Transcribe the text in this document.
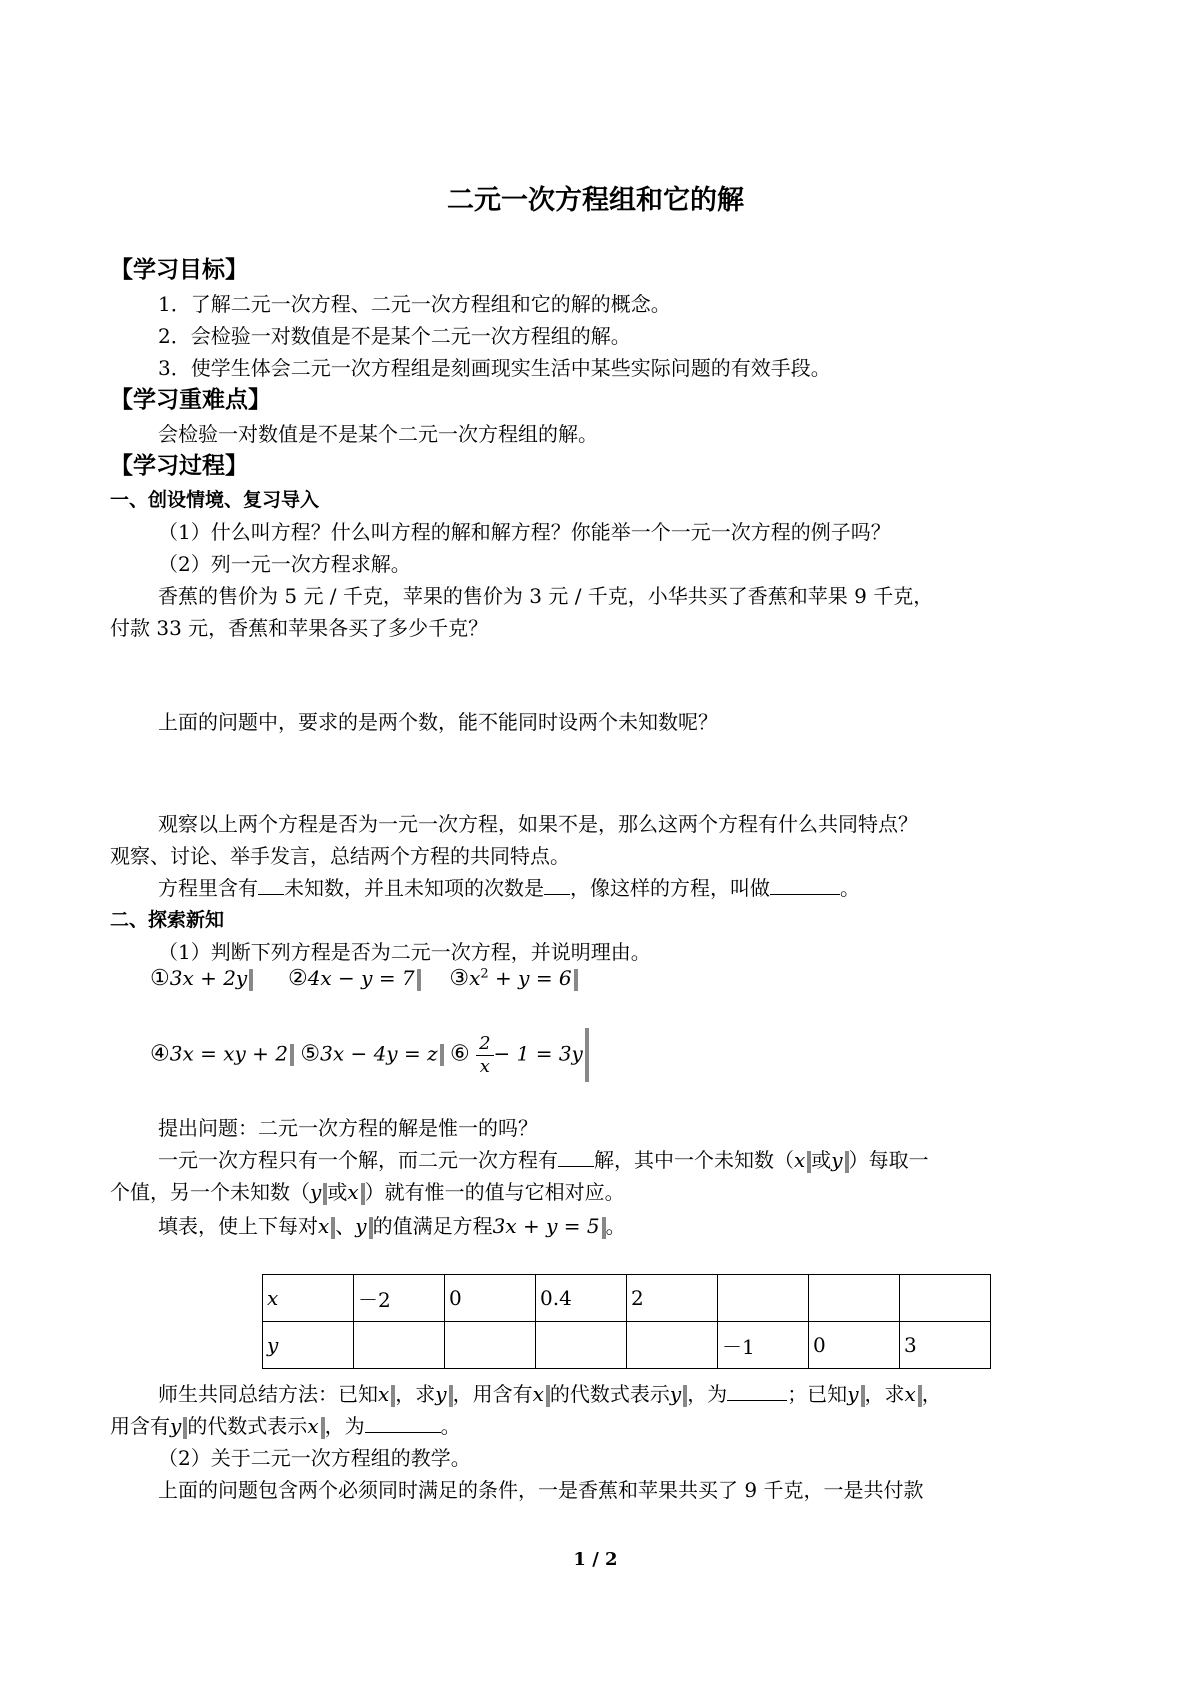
二元一次方程组和它的解
【学习目标】
1．了解二元一次方程、二元一次方程组和它的解的概念。
2．会检验一对数值是不是某个二元一次方程组的解。
3．使学生体会二元一次方程组是刻画现实生活中某些实际问题的有效手段。
【学习重难点】
会检验一对数值是不是某个二元一次方程组的解。
【学习过程】
一、创设情境、复习导入
（1）什么叫方程？什么叫方程的解和解方程？你能举一个一元一次方程的例子吗？
（2）列一元一次方程求解。
香蕉的售价为 5 元 / 千克，苹果的售价为 3 元 / 千克，小华共买了香蕉和苹果 9 千克，
付款 33 元，香蕉和苹果各买了多少千克？
上面的问题中，要求的是两个数，能不能同时设两个未知数呢？
观察以上两个方程是否为一元一次方程，如果不是，那么这两个方程有什么共同特点？
观察、讨论、举手发言，总结两个方程的共同特点。
方程里含有 未知数，并且未知项的次数是 ，像这样的方程，叫做	。
二、探索新知
（1）判断下列方程是否为二元一次方程，并说明理由。
①3x + 2y ②4x − y = 7 $③x^2 + y = 6$
④3x = xy + 2 ⑤3x − 4y = z ⑥ $\frac{2}{x} - 1 = 3y$
提出问题：二元一次方程的解是惟一的吗？
一元一次方程只有一个解，而二元一次方程有 解，其中一个未知数（x 或y ）每取一
个值，另一个未知数（y 或x ）就有惟一的值与它相对应。
填表，使上下每对x 、y 的值满足方程3x + y = 5 。
x	－2	0	0.4	2			
y					－1	0	3
师生共同总结方法：已知x ，求y ，用含有x 的代数式表示y ，为	；已知y ，求x ，
用含有y 的代数式表示x ，为	。
（2）关于二元一次方程组的教学。
上面的问题包含两个必须同时满足的条件，一是香蕉和苹果共买了 9 千克，一是共付款
1 / 2
